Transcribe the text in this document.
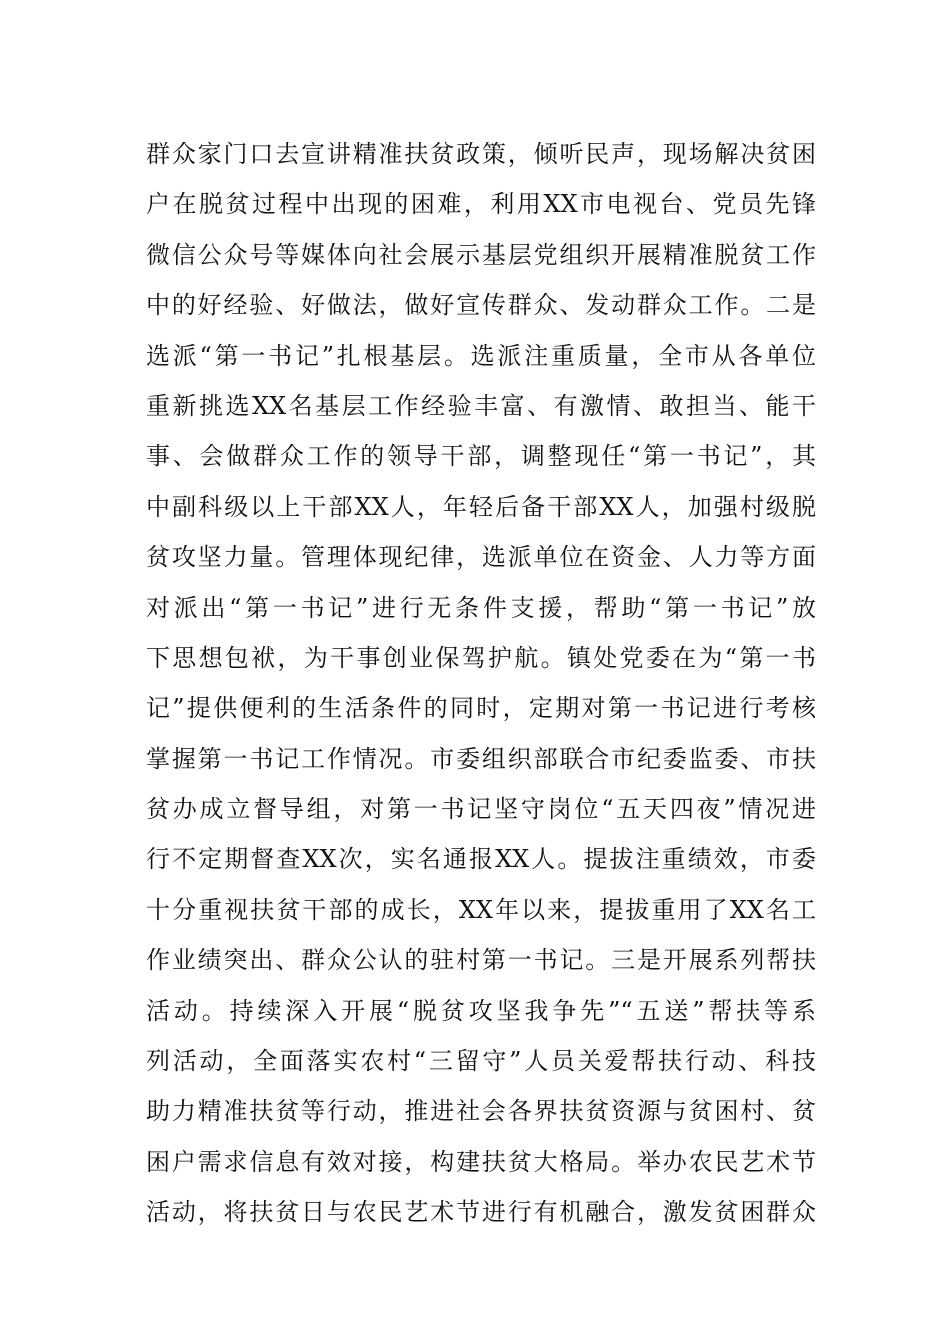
群众家门口去宣讲精准扶贫政策，倾听民声，现场解决贫困
户在脱贫过程中出现的困难，利用XX市电视台、党员先锋
微信公众号等媒体向社会展示基层党组织开展精准脱贫工作
中的好经验、好做法，做好宣传群众、发动群众工作。二是
选派“第一书记”扎根基层。选派注重质量，全市从各单位
重新挑选XX名基层工作经验丰富、有激情、敢担当、能干
事、会做群众工作的领导干部，调整现任“第一书记”，其
中副科级以上干部XX人，年轻后备干部XX人，加强村级脱
贫攻坚力量。管理体现纪律，选派单位在资金、人力等方面
对派出“第一书记”进行无条件支援，帮助“第一书记”放
下思想包袱，为干事创业保驾护航。镇处党委在为“第一书
记”提供便利的生活条件的同时，定期对第一书记进行考核
掌握第一书记工作情况。市委组织部联合市纪委监委、市扶
贫办成立督导组，对第一书记坚守岗位“五天四夜”情况进
行不定期督查XX次，实名通报XX人。提拔注重绩效，市委
十分重视扶贫干部的成长，XX年以来，提拔重用了XX名工
作业绩突出、群众公认的驻村第一书记。三是开展系列帮扶
活动。持续深入开展“脱贫攻坚我争先”“五送”帮扶等系
列活动，全面落实农村“三留守”人员关爱帮扶行动、科技
助力精准扶贫等行动，推进社会各界扶贫资源与贫困村、贫
困户需求信息有效对接，构建扶贫大格局。举办农民艺术节
活动，将扶贫日与农民艺术节进行有机融合，激发贫困群众
